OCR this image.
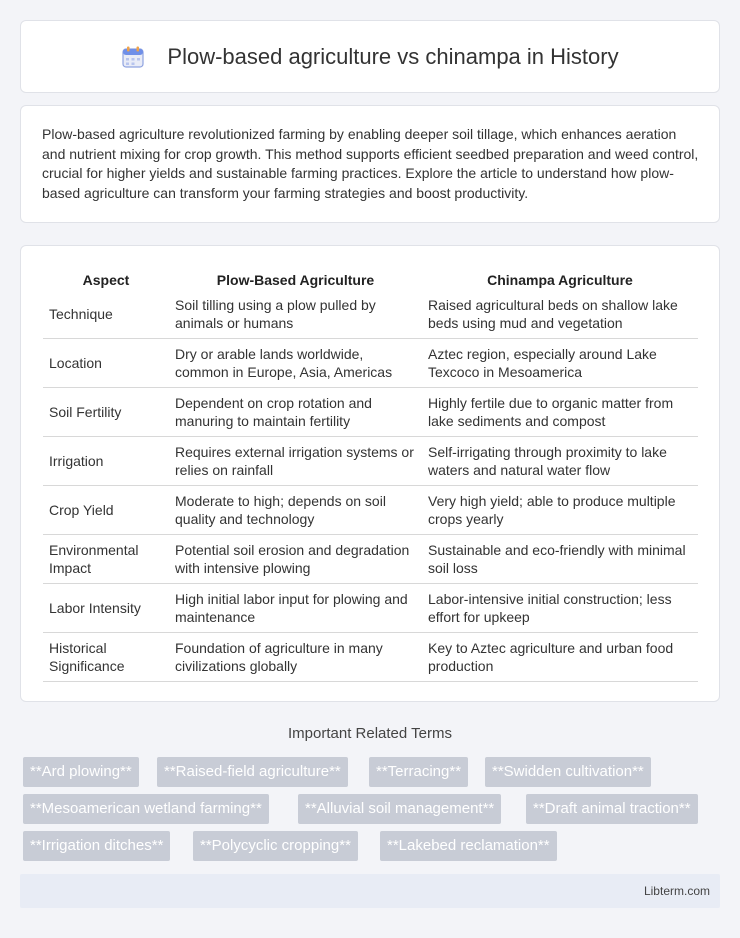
Plow-based agriculture vs chinampa in History

Plow-based agriculture revolutionized farming by enabling deeper soil tillage, which enhances aeration and nutrient mixing for crop growth. This method supports efficient seedbed preparation and weed control, crucial for higher yields and sustainable farming practices. Explore the article to understand how plow-based agriculture can transform your farming strategies and boost productivity.

Aspect	Plow-Based Agriculture	Chinampa Agriculture
Technique	Soil tilling using a plow pulled by animals or humans	Raised agricultural beds on shallow lake beds using mud and vegetation
Location	Dry or arable lands worldwide, common in Europe, Asia, Americas	Aztec region, especially around Lake Texcoco in Mesoamerica
Soil Fertility	Dependent on crop rotation and manuring to maintain fertility	Highly fertile due to organic matter from lake sediments and compost
Irrigation	Requires external irrigation systems or relies on rainfall	Self-irrigating through proximity to lake waters and natural water flow
Crop Yield	Moderate to high; depends on soil quality and technology	Very high yield; able to produce multiple crops yearly
Environmental Impact	Potential soil erosion and degradation with intensive plowing	Sustainable and eco-friendly with minimal soil loss
Labor Intensity	High initial labor input for plowing and maintenance	Labor-intensive initial construction; less effort for upkeep
Historical Significance	Foundation of agriculture in many civilizations globally	Key to Aztec agriculture and urban food production
Important Related Terms
**Ard plowing**	**Raised-field agriculture**	**Terracing**	**Swidden cultivation**
**Mesoamerican wetland farming**	**Alluvial soil management**	**Draft animal traction**
**Irrigation ditches**	**Polycyclic cropping**	**Lakebed reclamation**
Libterm.com
